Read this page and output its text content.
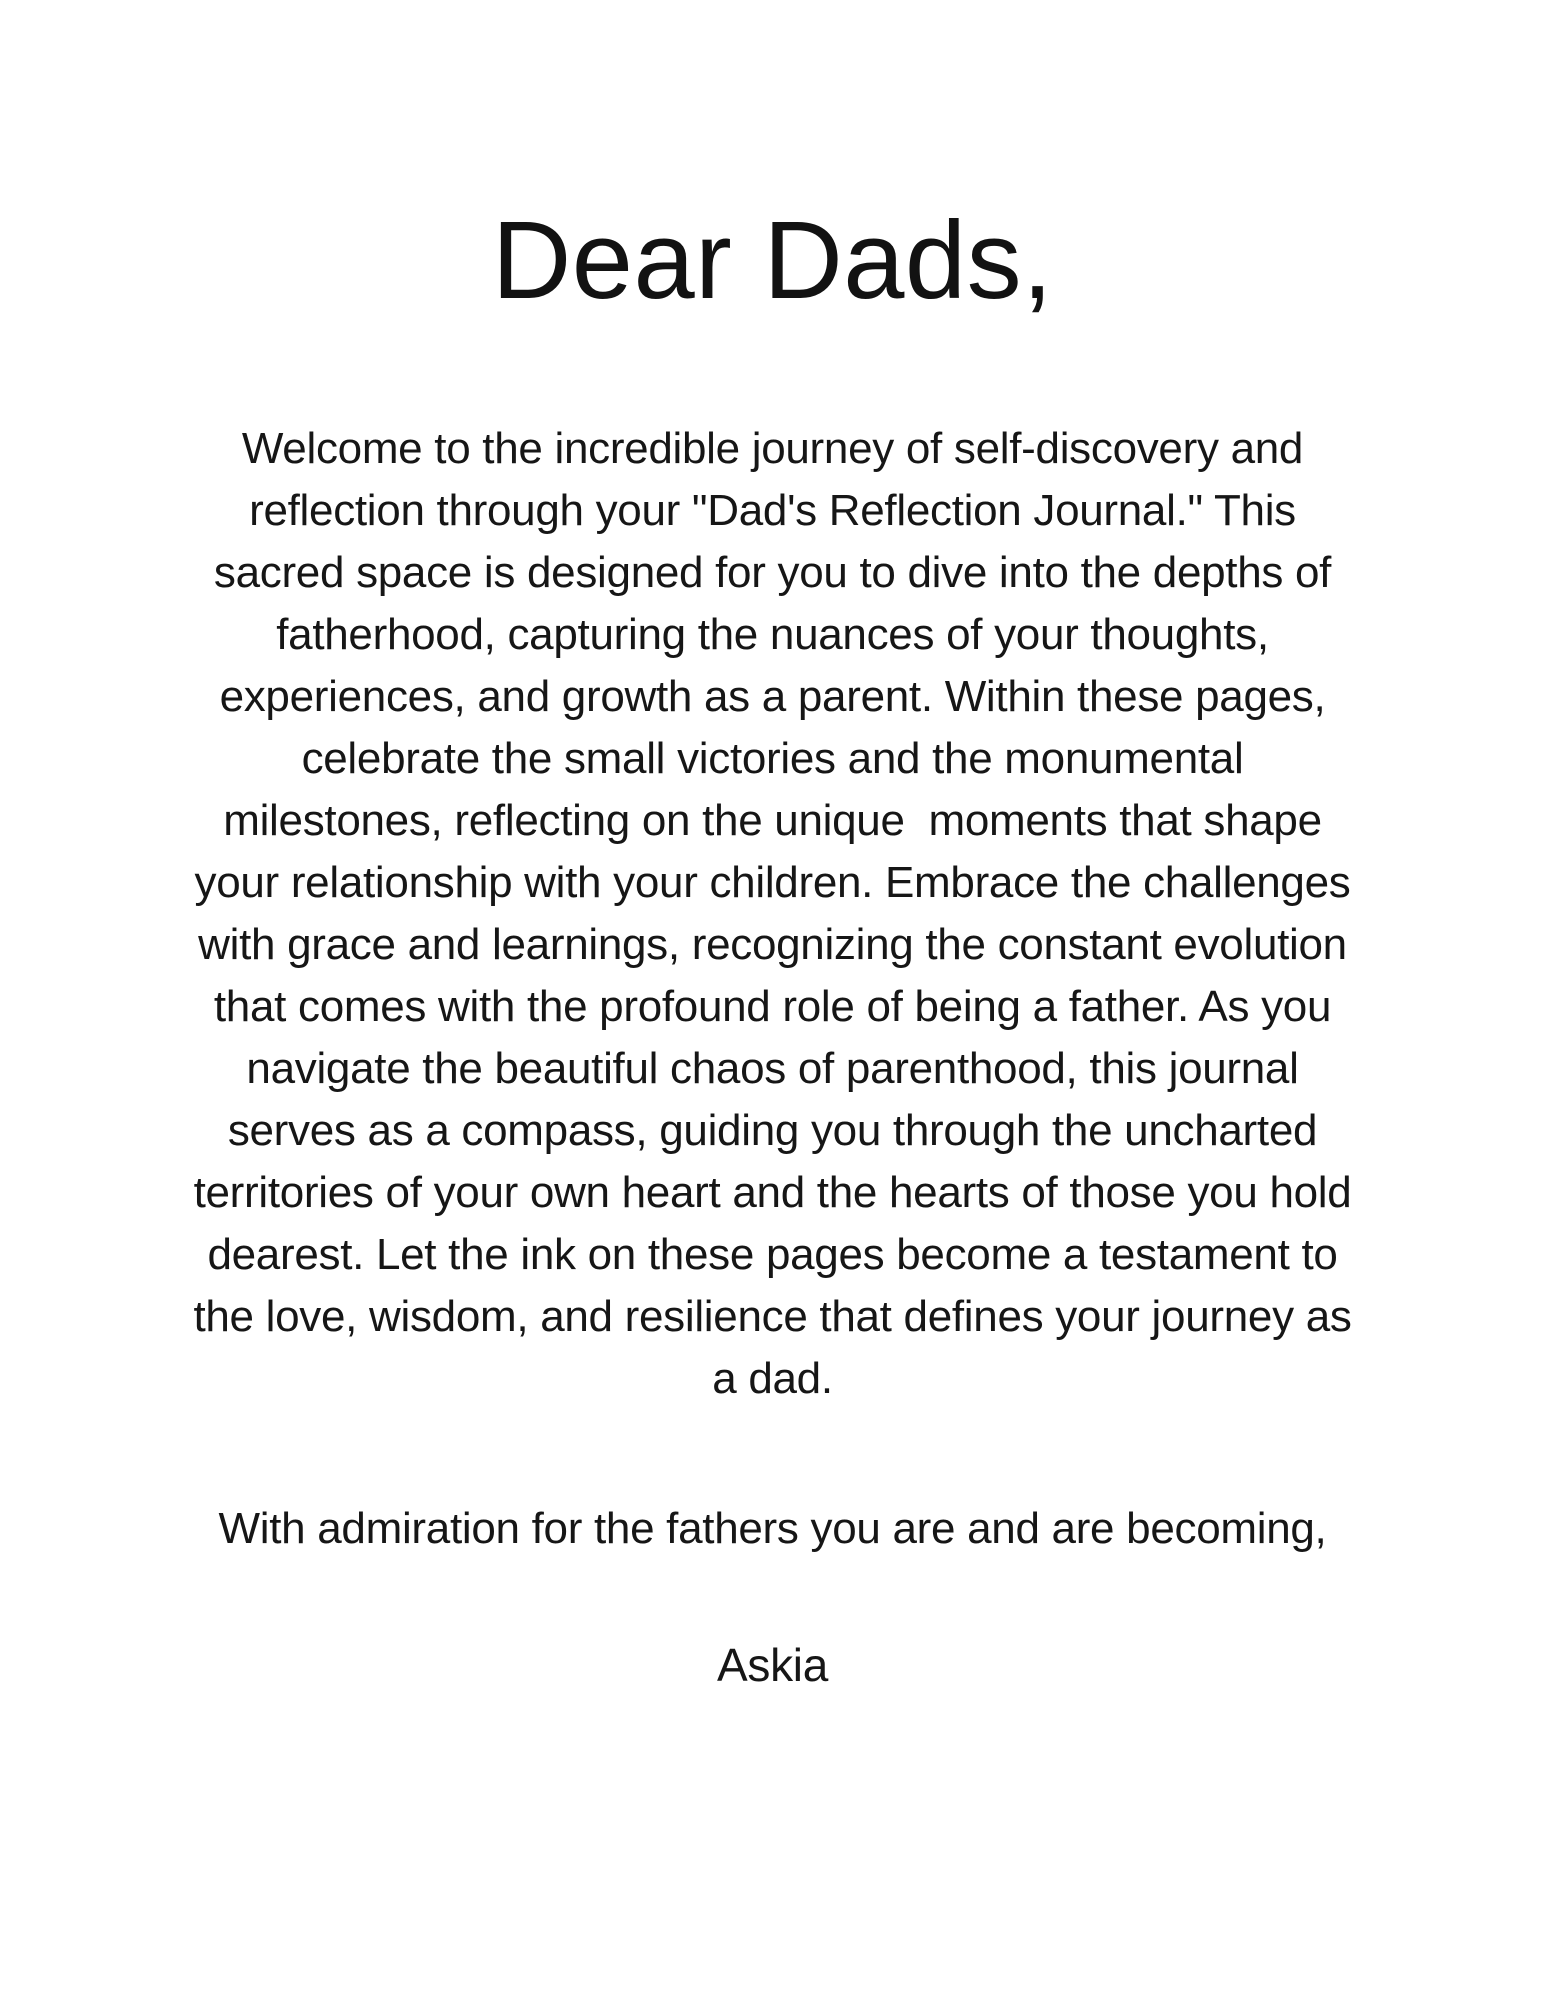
Dear Dads,
Welcome to the incredible journey of self-discovery and
reflection through your "Dad's Reflection Journal." This
sacred space is designed for you to dive into the depths of
fatherhood, capturing the nuances of your thoughts,
experiences, and growth as a parent. Within these pages,
celebrate the small victories and the monumental
milestones, reflecting on the unique  moments that shape
your relationship with your children. Embrace the challenges
with grace and learnings, recognizing the constant evolution
that comes with the profound role of being a father. As you
navigate the beautiful chaos of parenthood, this journal
serves as a compass, guiding you through the uncharted
territories of your own heart and the hearts of those you hold
dearest. Let the ink on these pages become a testament to
the love, wisdom, and resilience that defines your journey as
a dad.
With admiration for the fathers you are and are becoming,
Askia
